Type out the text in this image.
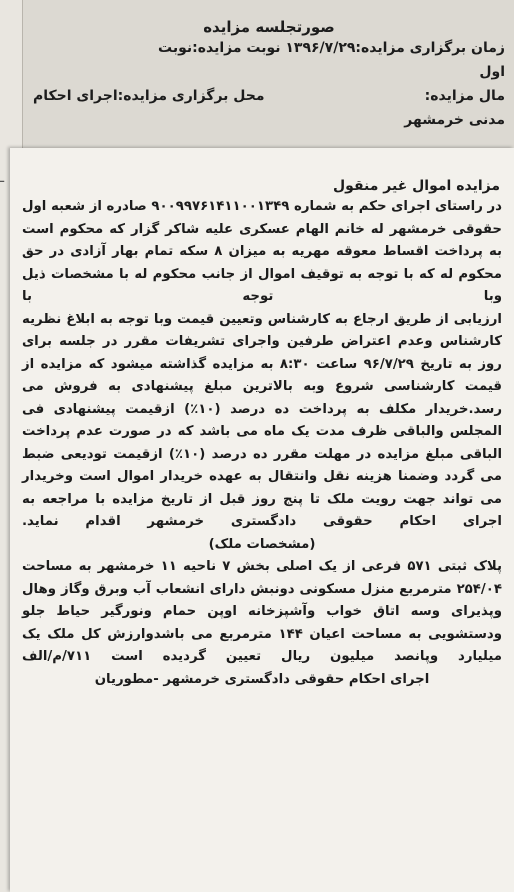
صورتجلسه مزایده
زمان برگزاری مزایده:۱۳۹۶/۷/۲۹ نوبت مزایده:نوبت
اول
مال مزایده:
محل برگزاری مزایده:اجرای احکام
مدنی خرمشهر
ـ	مزایده اموال غیر منقول

در راستای اجرای حکم به شماره ۹۰۰۹۹۷۶۱۴۱۱۰۰۱۳۴۹ صادره از شعبه اول حقوقی خرمشهر له خانم الهام عسکری علیه شاکر گزار که محکوم است به پرداخت اقساط معوقه مهریه به میزان ۸ سکه تمام بهار آزادی در حق محکوم له که با توجه به توقیف اموال از جانب محکوم له با مشخصات ذیل وبا توجه با

ارزیابی از طریق ارجاع به کارشناس وتعیین قیمت وبا توجه به ابلاغ نظریه کارشناس وعدم اعتراض طرفین واجرای تشریفات مقرر در جلسه برای روز به تاریخ ۹۶/۷/۲۹ ساعت ۸:۳۰ به مزایده گذاشته میشود که مزایده از قیمت کارشناسی شروع وبه بالاترین مبلغ پیشنهادی به فروش می رسد.خریدار مکلف به پرداخت ده درصد (۱۰٪) ازقیمت پیشنهادی فی المجلس والباقی ظرف مدت یک ماه می باشد که در صورت عدم پرداخت الباقی مبلغ مزایده در مهلت مقرر ده درصد (۱۰٪) ازقیمت تودیعی ضبط می گردد وضمنا هزینه نقل وانتقال به عهده خریدار اموال است وخریدار می تواند جهت رویت ملک تا پنج روز قبل از تاریخ مزایده با مراجعه به اجرای احکام حقوقی دادگستری خرمشهر اقدام نماید.

(مشخصات ملک)

پلاک ثبتی ۵۷۱ فرعی از یک اصلی بخش ۷ ناحیه ۱۱ خرمشهر به مساحت ۲۵۴/۰۴ مترمربع منزل مسکونی دونبش دارای انشعاب آب وبرق وگاز وهال وپذیرای وسه اتاق خواب وآشپزخانه اوپن حمام ونورگیر حیاط جلو ودستشویی به مساحت اعیان ۱۴۴ مترمربع می باشدوارزش کل ملک یک میلیارد وپانصد میلیون ریال تعیین گردیده است ۷۱۱/م/الف

اجرای احکام حقوقی دادگستری خرمشهر -مطوریان
